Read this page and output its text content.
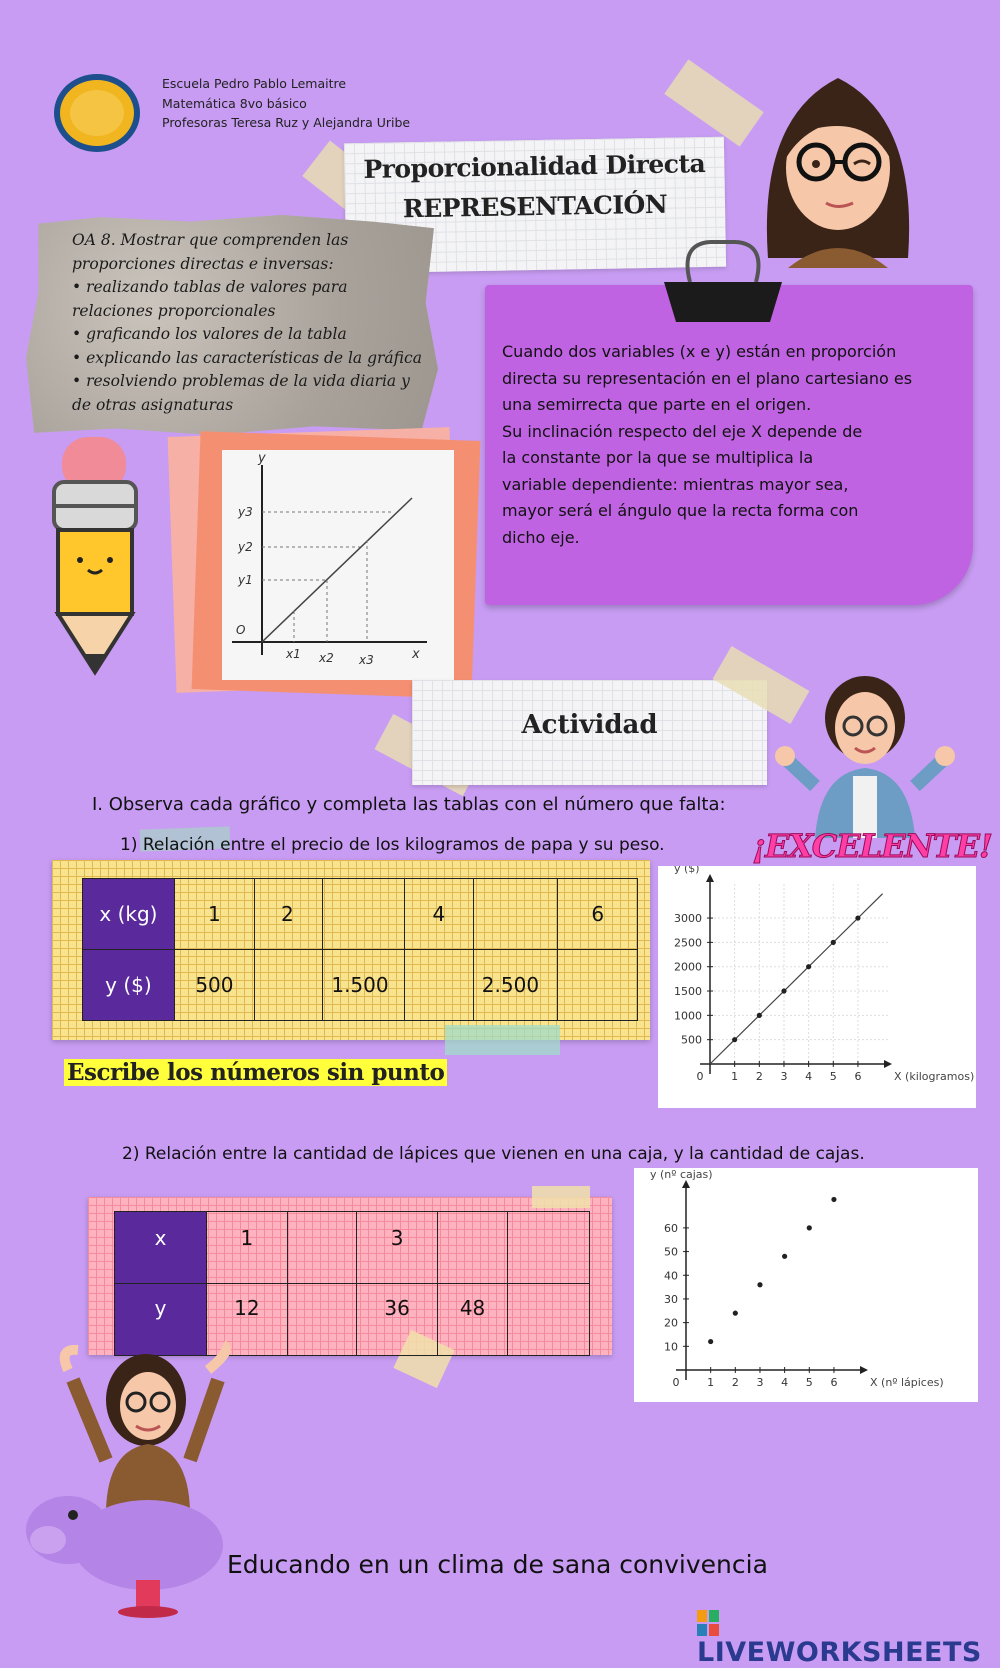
Escuela Pedro Pablo Lemaitre
Matemática 8vo básico
Profesoras Teresa Ruz y Alejandra Uribe
Proporcionalidad Directa
REPRESENTACIÓN
OA 8. Mostrar que comprenden las proporciones directas e inversas:
• realizando tablas de valores para relaciones proporcionales
• graficando los valores de la tabla
• explicando las características de la gráfica
• resolviendo problemas de la vida diaria y de otras asignaturas
Cuando dos variables (x e y) están en proporción directa su representación en el plano cartesiano es una semirrecta que parte en el origen.
Su inclinación respecto del eje X depende de la constante por la que se multiplica la variable dependiente: mientras mayor sea, mayor será el ángulo que la recta forma con dicho eje.
y
x
O
y1
y2
y3
x1 x2 x3
Actividad
I. Observa cada gráfico y completa las tablas con el número que falta:
1) Relación entre el precio de los kilogramos de papa y su peso.	¡EXCELENTE!
x (kg)	1	2		4		6
y ($)	500		1.500		2.500	
500
1000
1500
2000
2500
3000
0	1 2 3 4 5 6
y ($)
X (kilogramos)
Escribe los números sin punto
2) Relación entre la cantidad de lápices que vienen en una caja, y la cantidad de cajas.
x	1		3		
y	12		36	48	
10
20
30
40
50
60
0	1 2 3 4 5 6
y (nº cajas)
X (nº lápices)
Educando en un clima de sana convivencia
LIVEWORKSHEETS
